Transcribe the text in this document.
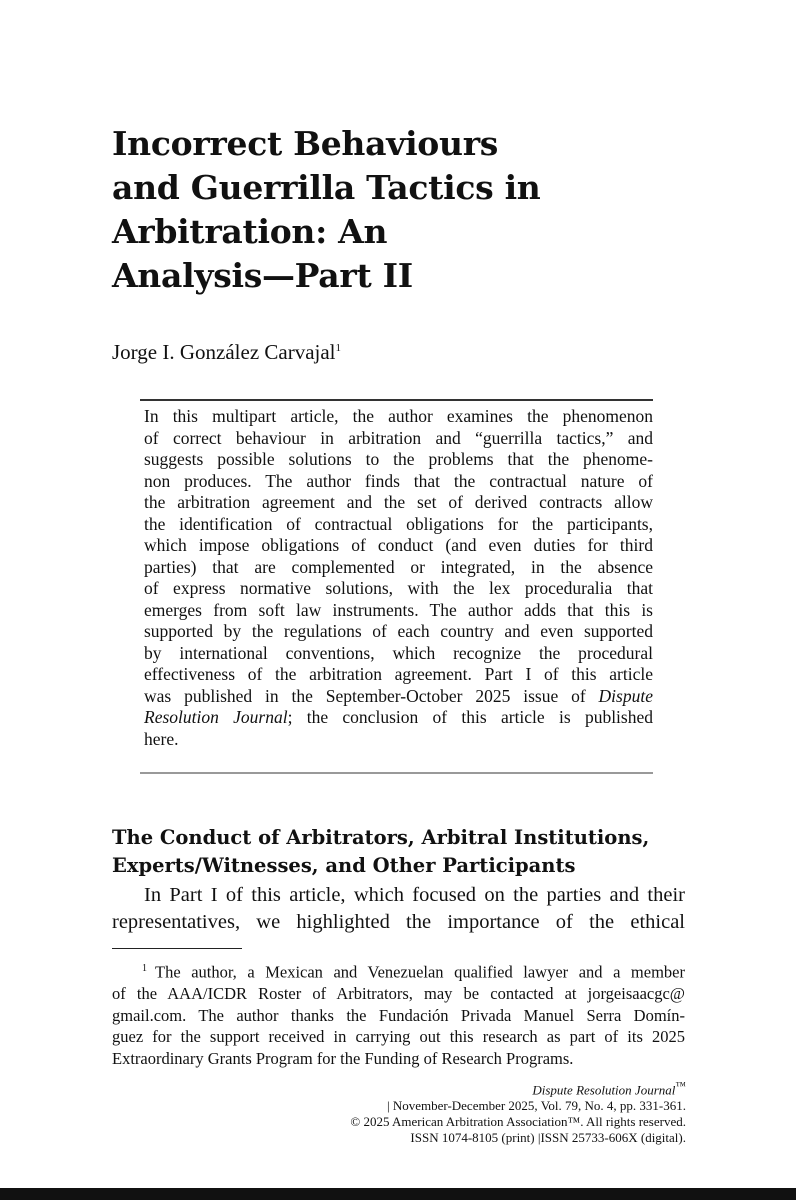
Incorrect Behaviours
and Guerrilla Tactics in
Arbitration: An
Analysis—Part II
Jorge I. González Carvajal$^1$
In this multipart article, the author examines the phenomenon
of correct behaviour in arbitration and “guerrilla tactics,” and
suggests possible solutions to the problems that the phenome-
non produces. The author finds that the contractual nature of
the arbitration agreement and the set of derived contracts allow
the identification of contractual obligations for the participants,
which impose obligations of conduct (and even duties for third
parties) that are complemented or integrated, in the absence
of express normative solutions, with the lex proceduralia that
emerges from soft law instruments. The author adds that this is
supported by the regulations of each country and even supported
by international conventions, which recognize the procedural
effectiveness of the arbitration agreement. Part I of this article
was published in the September-October 2025 issue of Dispute
Resolution Journal; the conclusion of this article is published
here.
The Conduct of Arbitrators, Arbitral Institutions,
Experts/Witnesses, and Other Participants
In Part I of this article, which focused on the parties and their
representatives, we highlighted the importance of the ethical
$^1$ The author, a Mexican and Venezuelan qualified lawyer and a member
of the AAA/ICDR Roster of Arbitrators, may be contacted at jorgeisaacgc@
gmail.com. The author thanks the Fundación Privada Manuel Serra Domín-
guez for the support received in carrying out this research as part of its 2025
Extraordinary Grants Program for the Funding of Research Programs.
Dispute Resolution Journal™
| November-December 2025, Vol. 79, No. 4, pp. 331-361.
© 2025 American Arbitration Association™. All rights reserved.
ISSN 1074-8105 (print) |ISSN 25733-606X (digital).
